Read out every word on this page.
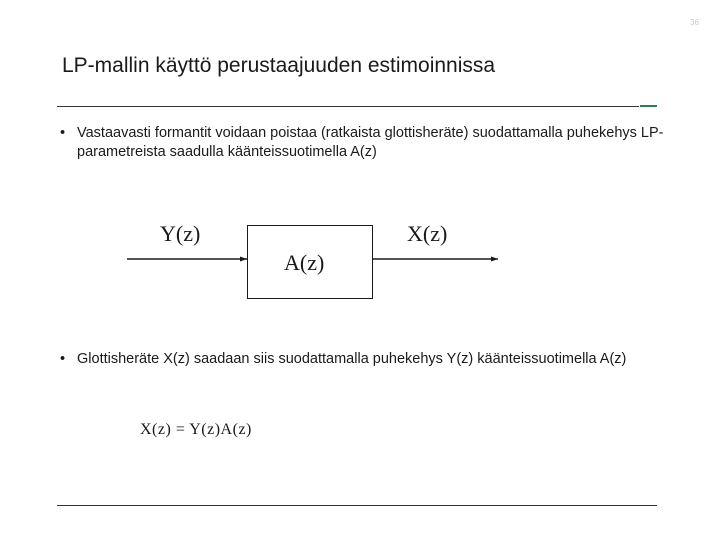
36
LP-mallin käyttö perustaajuuden estimoinnissa
• Vastaavasti formantit voidaan poistaa (ratkaista glottisheräte) suodattamalla puhekehys LP-parametreista saadulla käänteissuotimella A(z)
Y(z)	X(z)
A(z)
• Glottisheräte X(z) saadaan siis suodattamalla puhekehys Y(z) käänteissuotimella A(z)
X(z) = Y(z)A(z)
